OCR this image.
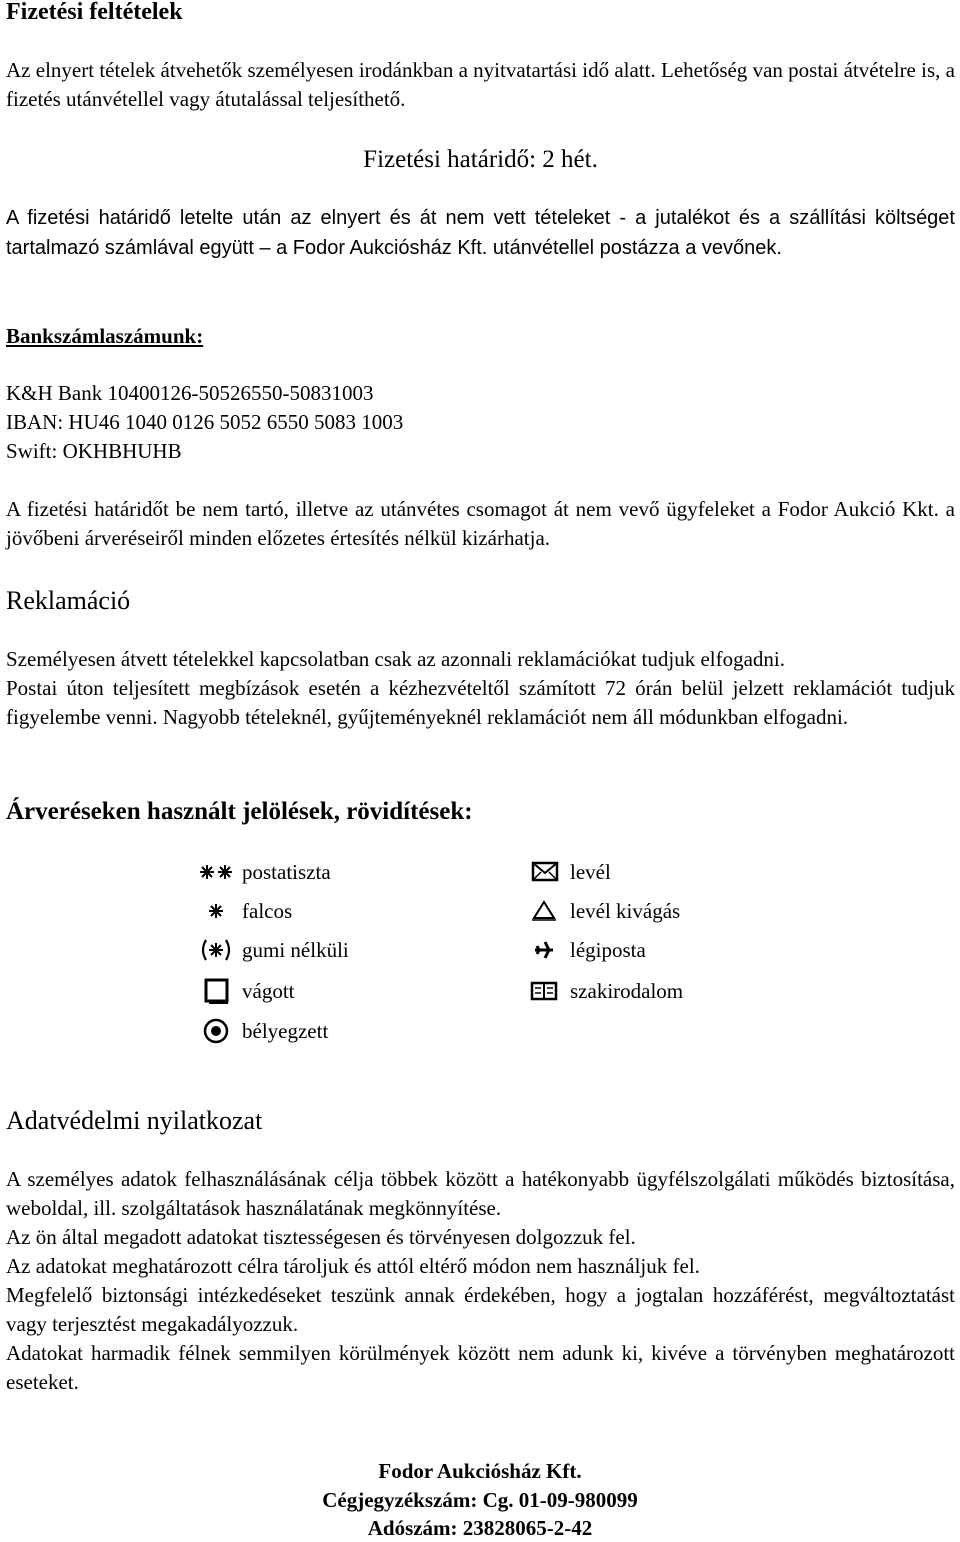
Fizetési feltételek

Az elnyert tételek átvehetők személyesen irodánkban a nyitvatartási idő alatt. Lehetőség van postai átvételre is, a fizetés utánvétellel vagy átutalással teljesíthető.

Fizetési határidő: 2 hét.

A fizetési határidő letelte után az elnyert és át nem vett tételeket - a jutalékot és a szállítási költséget tartalmazó számlával együtt – a Fodor Aukciósház Kft. utánvétellel postázza a vevőnek.

Bankszámlaszámunk:

K&H Bank 10400126-50526550-50831003

IBAN: HU46 1040 0126 5052 6550 5083 1003

Swift: OKHBHUHB

A fizetési határidőt be nem tartó, illetve az utánvétes csomagot át nem vevő ügyfeleket a Fodor Aukció Kkt. a jövőbeni árveréseiről minden előzetes értesítés nélkül kizárhatja.

Reklamáció

Személyesen átvett tételekkel kapcsolatban csak az azonnali reklamációkat tudjuk elfogadni.

Postai úton teljesített megbízások esetén a kézhezvételtől számított 72 órán belül jelzett reklamációt tudjuk figyelembe venni. Nagyobb tételeknél, gyűjteményeknél reklamációt nem áll módunkban elfogadni.

Árveréseken használt jelölések, rövidítések:
postatiszta
falcos
gumi nélküli
vágott
bélyegzett
levél
levél kivágás
légiposta
szakirodalom
Adatvédelmi nyilatkozat

A személyes adatok felhasználásának célja többek között a hatékonyabb ügyfélszolgálati működés biztosítása, weboldal, ill. szolgáltatások használatának megkönnyítése.

Az ön által megadott adatokat tisztességesen és törvényesen dolgozzuk fel.

Az adatokat meghatározott célra tároljuk és attól eltérő módon nem használjuk fel.

Megfelelő biztonsági intézkedéseket teszünk annak érdekében, hogy a jogtalan hozzáférést, megváltoztatást vagy terjesztést megakadályozzuk.

Adatokat harmadik félnek semmilyen körülmények között nem adunk ki, kivéve a törvényben meghatározott eseteket.

Fodor Aukciósház Kft.
Cégjegyzékszám: Cg. 01-09-980099
Adószám: 23828065-2-42
